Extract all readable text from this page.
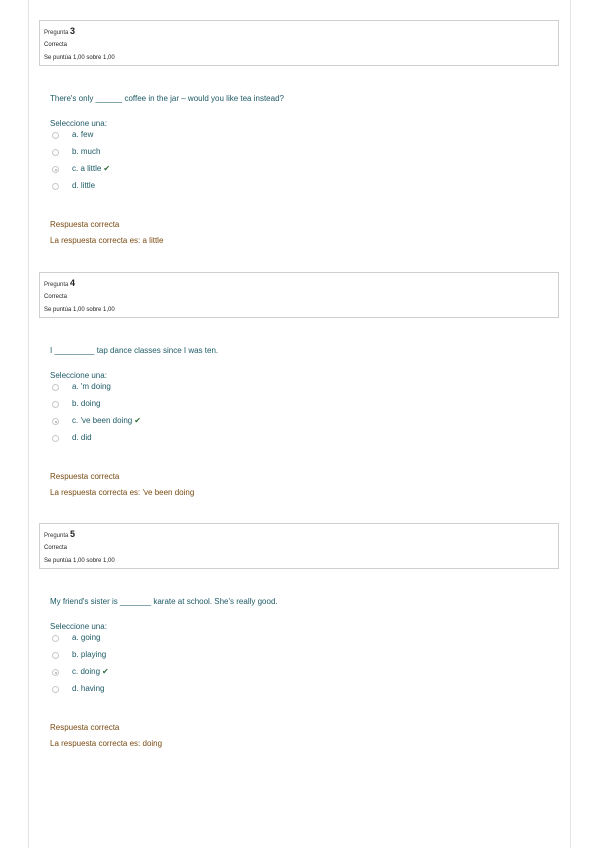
Pregunta 3
Correcta
Se puntúa 1,00 sobre 1,00
There's only ______ coffee in the jar – would you like tea instead?
Seleccione una:
a. few
b. much
c. a little ✔
d. little
Respuesta correcta
La respuesta correcta es: a little
Pregunta 4
Correcta
Se puntúa 1,00 sobre 1,00
I _________ tap dance classes since I was ten.
Seleccione una:
a. 'm doing
b. doing
c. 've been doing ✔
d. did
Respuesta correcta
La respuesta correcta es: 've been doing
Pregunta 5
Correcta
Se puntúa 1,00 sobre 1,00
My friend's sister is _______ karate at school. She's really good.
Seleccione una:
a. going
b. playing
c. doing ✔
d. having
Respuesta correcta
La respuesta correcta es: doing
